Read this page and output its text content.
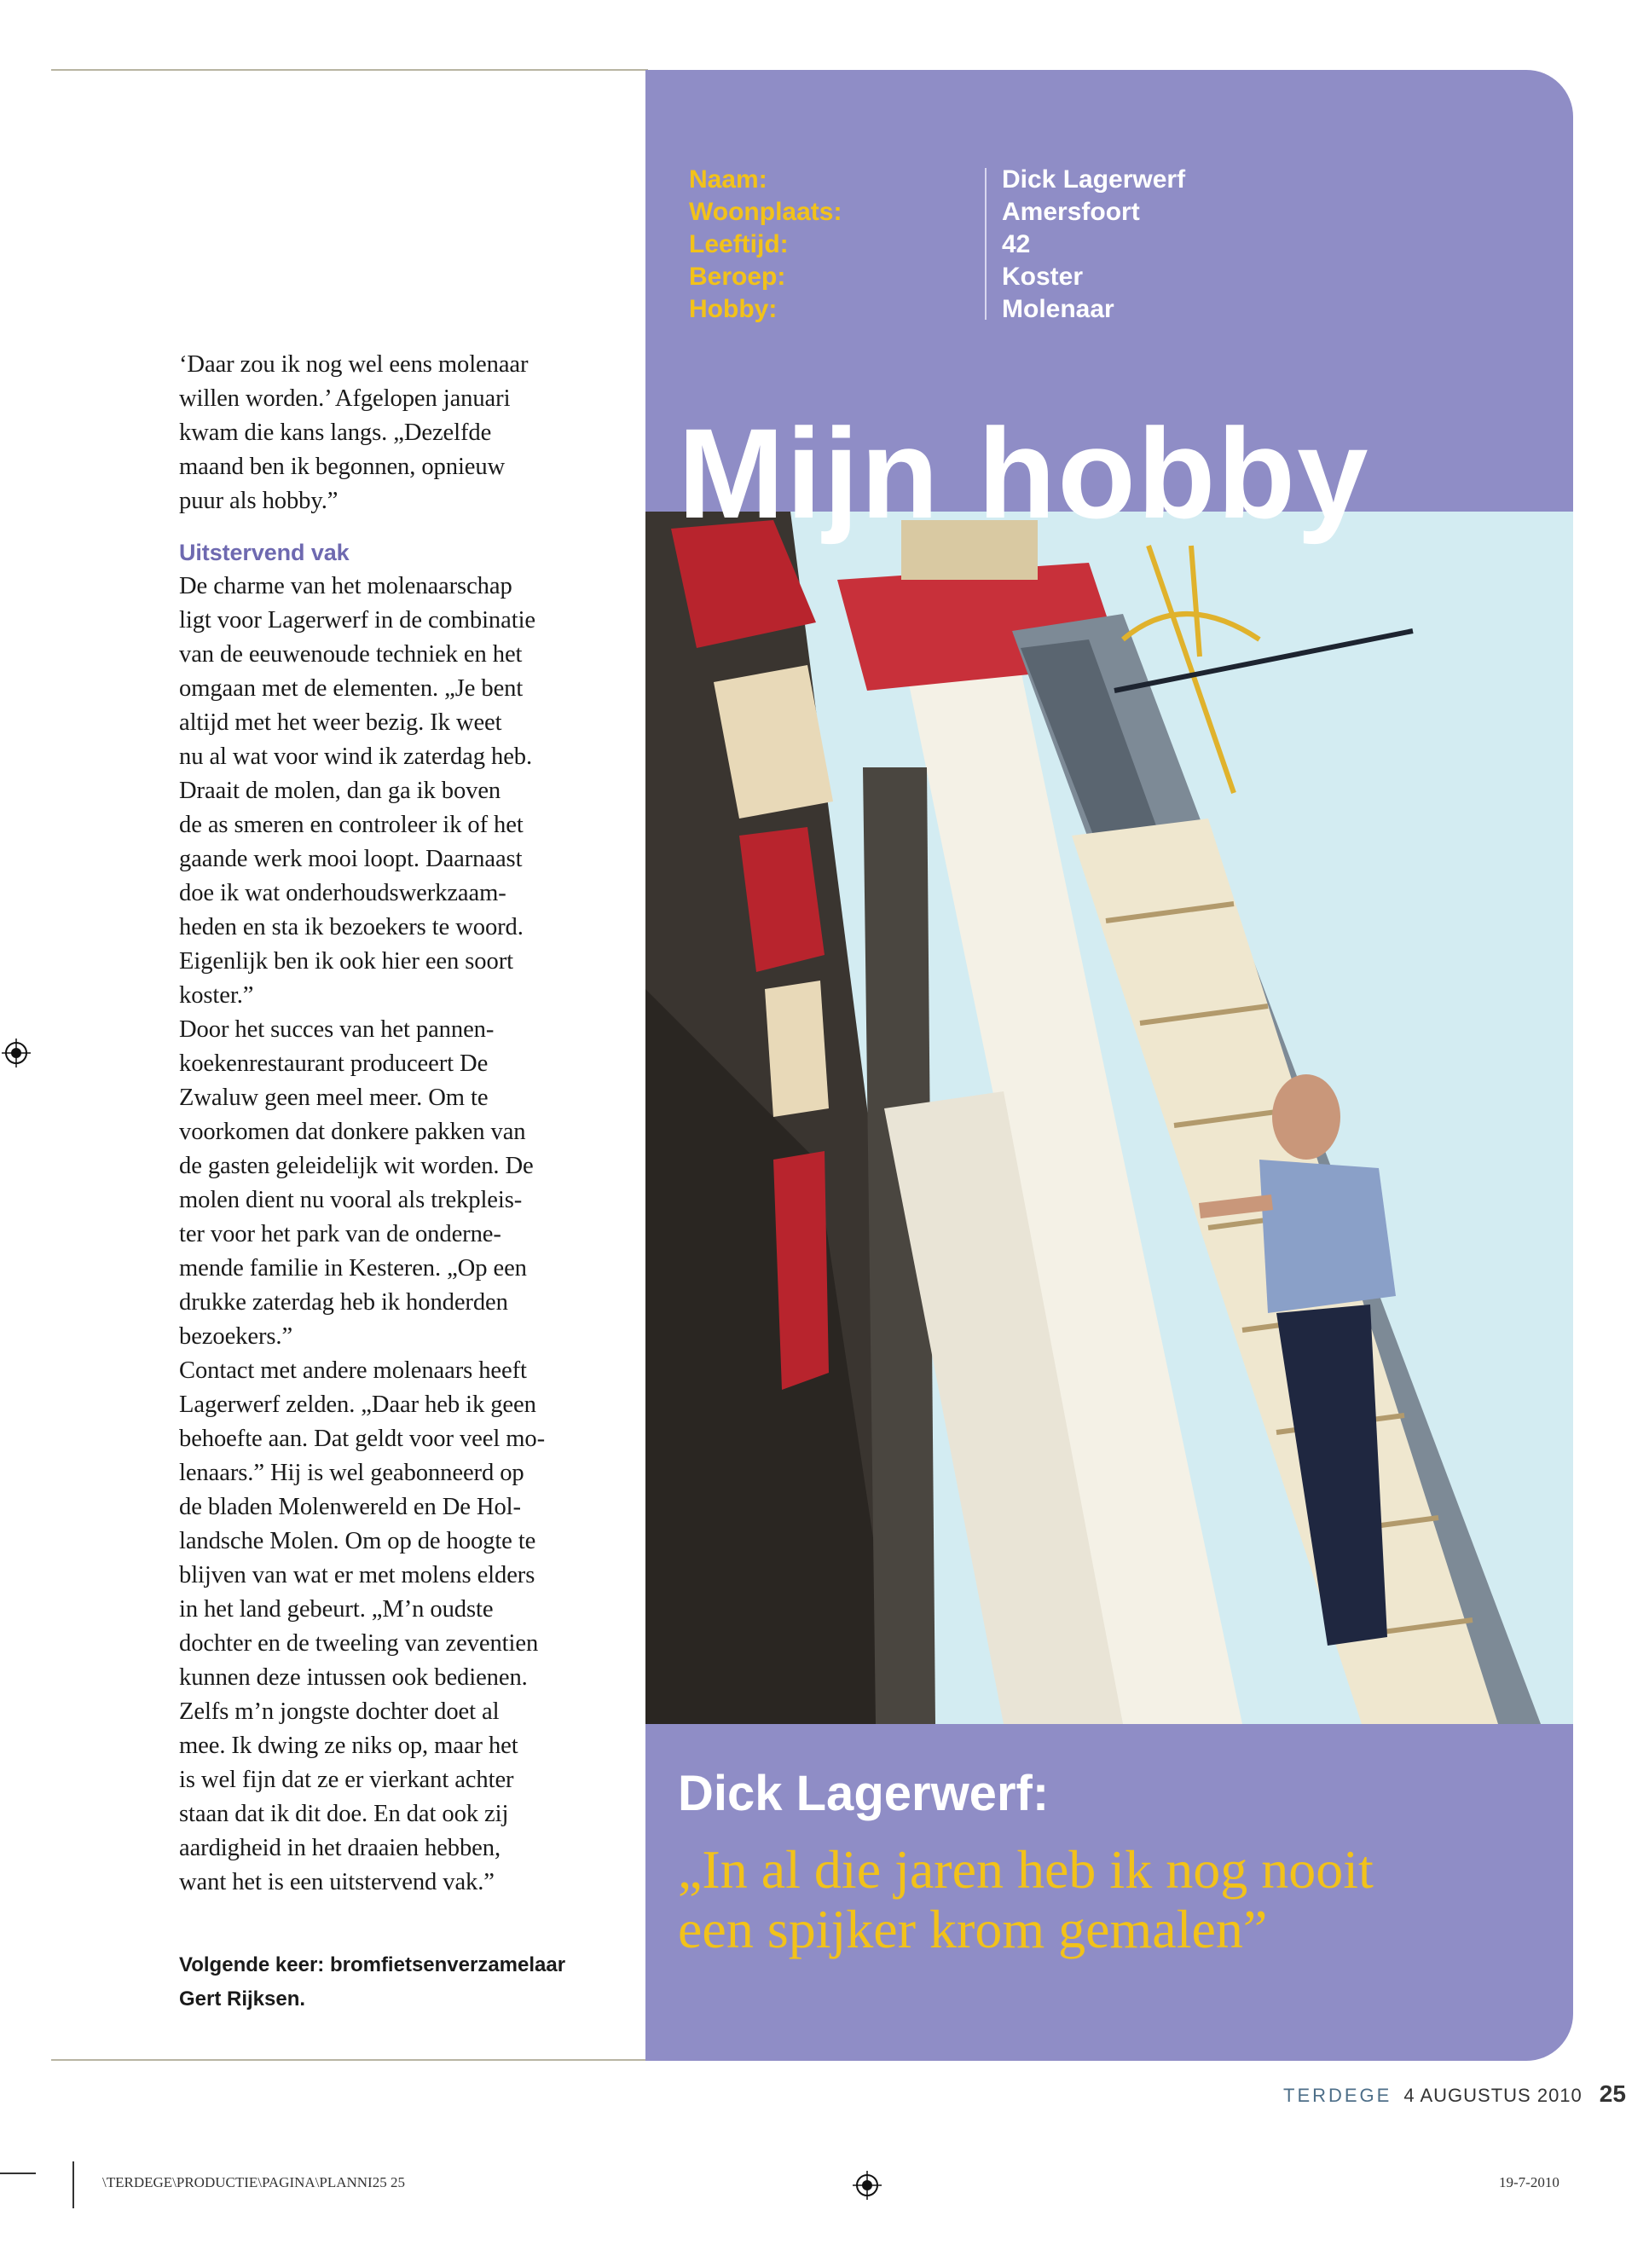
‘Daar zou ik nog wel eens molenaar

willen worden.’ Afgelopen januari

kwam die kans langs. „Dezelfde

maand ben ik begonnen, opnieuw

puur als hobby.”

Uitstervend vak

De charme van het molenaarschap

ligt voor Lagerwerf in de combinatie

van de eeuwenoude techniek en het

omgaan met de elementen. „Je bent

altijd met het weer bezig. Ik weet

nu al wat voor wind ik zaterdag heb.

Draait de molen, dan ga ik boven

de as smeren en controleer ik of het

gaande werk mooi loopt. Daarnaast

doe ik wat onderhoudswerkzaam-

heden en sta ik bezoekers te woord.

Eigenlijk ben ik ook hier een soort

koster.”

Door het succes van het pannen-

koekenrestaurant produceert De

Zwaluw geen meel meer. Om te

voorkomen dat donkere pakken van

de gasten geleidelijk wit worden. De

molen dient nu vooral als trekpleis-

ter voor het park van de onderne-

mende familie in Kesteren. „Op een

drukke zaterdag heb ik honderden

bezoekers.”

Contact met andere molenaars heeft

Lagerwerf zelden. „Daar heb ik geen

behoefte aan. Dat geldt voor veel mo-

lenaars.” Hij is wel geabonneerd op

de bladen Molenwereld en De Hol-

landsche Molen. Om op de hoogte te

blijven van wat er met molens elders

in het land gebeurt. „M’n oudste

dochter en de tweeling van zeventien

kunnen deze intussen ook bedienen.

Zelfs m’n jongste dochter doet al

mee. Ik dwing ze niks op, maar het

is wel fijn dat ze er vierkant achter

staan dat ik dit doe. En dat ook zij

aardigheid in het draaien hebben,

want het is een uitstervend vak.”

Volgende keer: bromfietsenverzamelaar
Gert Rijksen.
Naam:
Woonplaats:
Leeftijd:
Beroep:
Hobby:
Dick Lagerwerf
Amersfoort
42
Koster
Molenaar
Mijn hobby
Dick Lagerwerf:
„In al die jaren heb ik nog nooit
een spijker krom gemalen”
TERDEGE 4 AUGUSTUS 2010 25
\TERDEGE\PRODUCTIE\PAGINA\PLANNI25 25	19-7-2010
